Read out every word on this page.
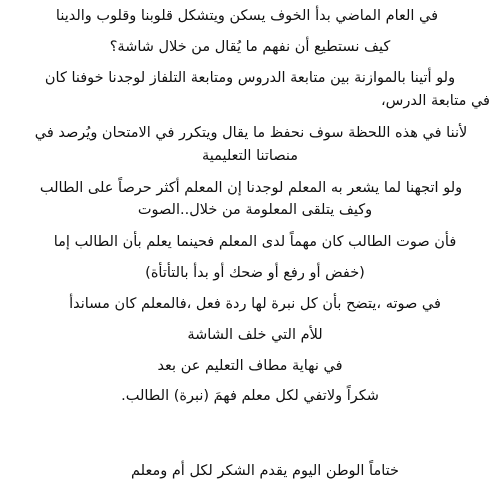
في العام الماضي بدأ الخوف يسكن ويتشكل قلوبنا وقلوب والدينا
كيف نستطيع أن نفهم ما يُقال من خلال شاشة؟
ولو أتينا بالموازنة بين متابعة الدروس ومتابعة التلفاز لوجدنا خوفنا كان
في متابعة الدرس،
لأننا في هذه اللحظة سوف نحفظ ما يقال ويتكرر في الامتحان ويُرصد في
منصاتنا التعليمية
ولو اتجهنا لما يشعر به المعلم لوجدنا إن المعلم أكثر حرصاً على الطالب
وكيف يتلقى المعلومة من خلال..الصوت
فأن صوت الطالب كان مهماً لدى المعلم فحينما يعلم بأن الطالب إما
(خفض أو رفع أو ضحك أو بدأ بالتأتأة)
في صوته ،يتضح بأن كل نبرة لها ردة فعل ،فالمعلم كان مساندأ
للأم التي خلف الشاشة
في نهاية مطاف التعليم عن بعد
شكراً ولاتفي لكل معلم فهمَ (نبرة) الطالب.
ختاماً الوطن اليوم يقدم الشكر لكل أم ومعلم
